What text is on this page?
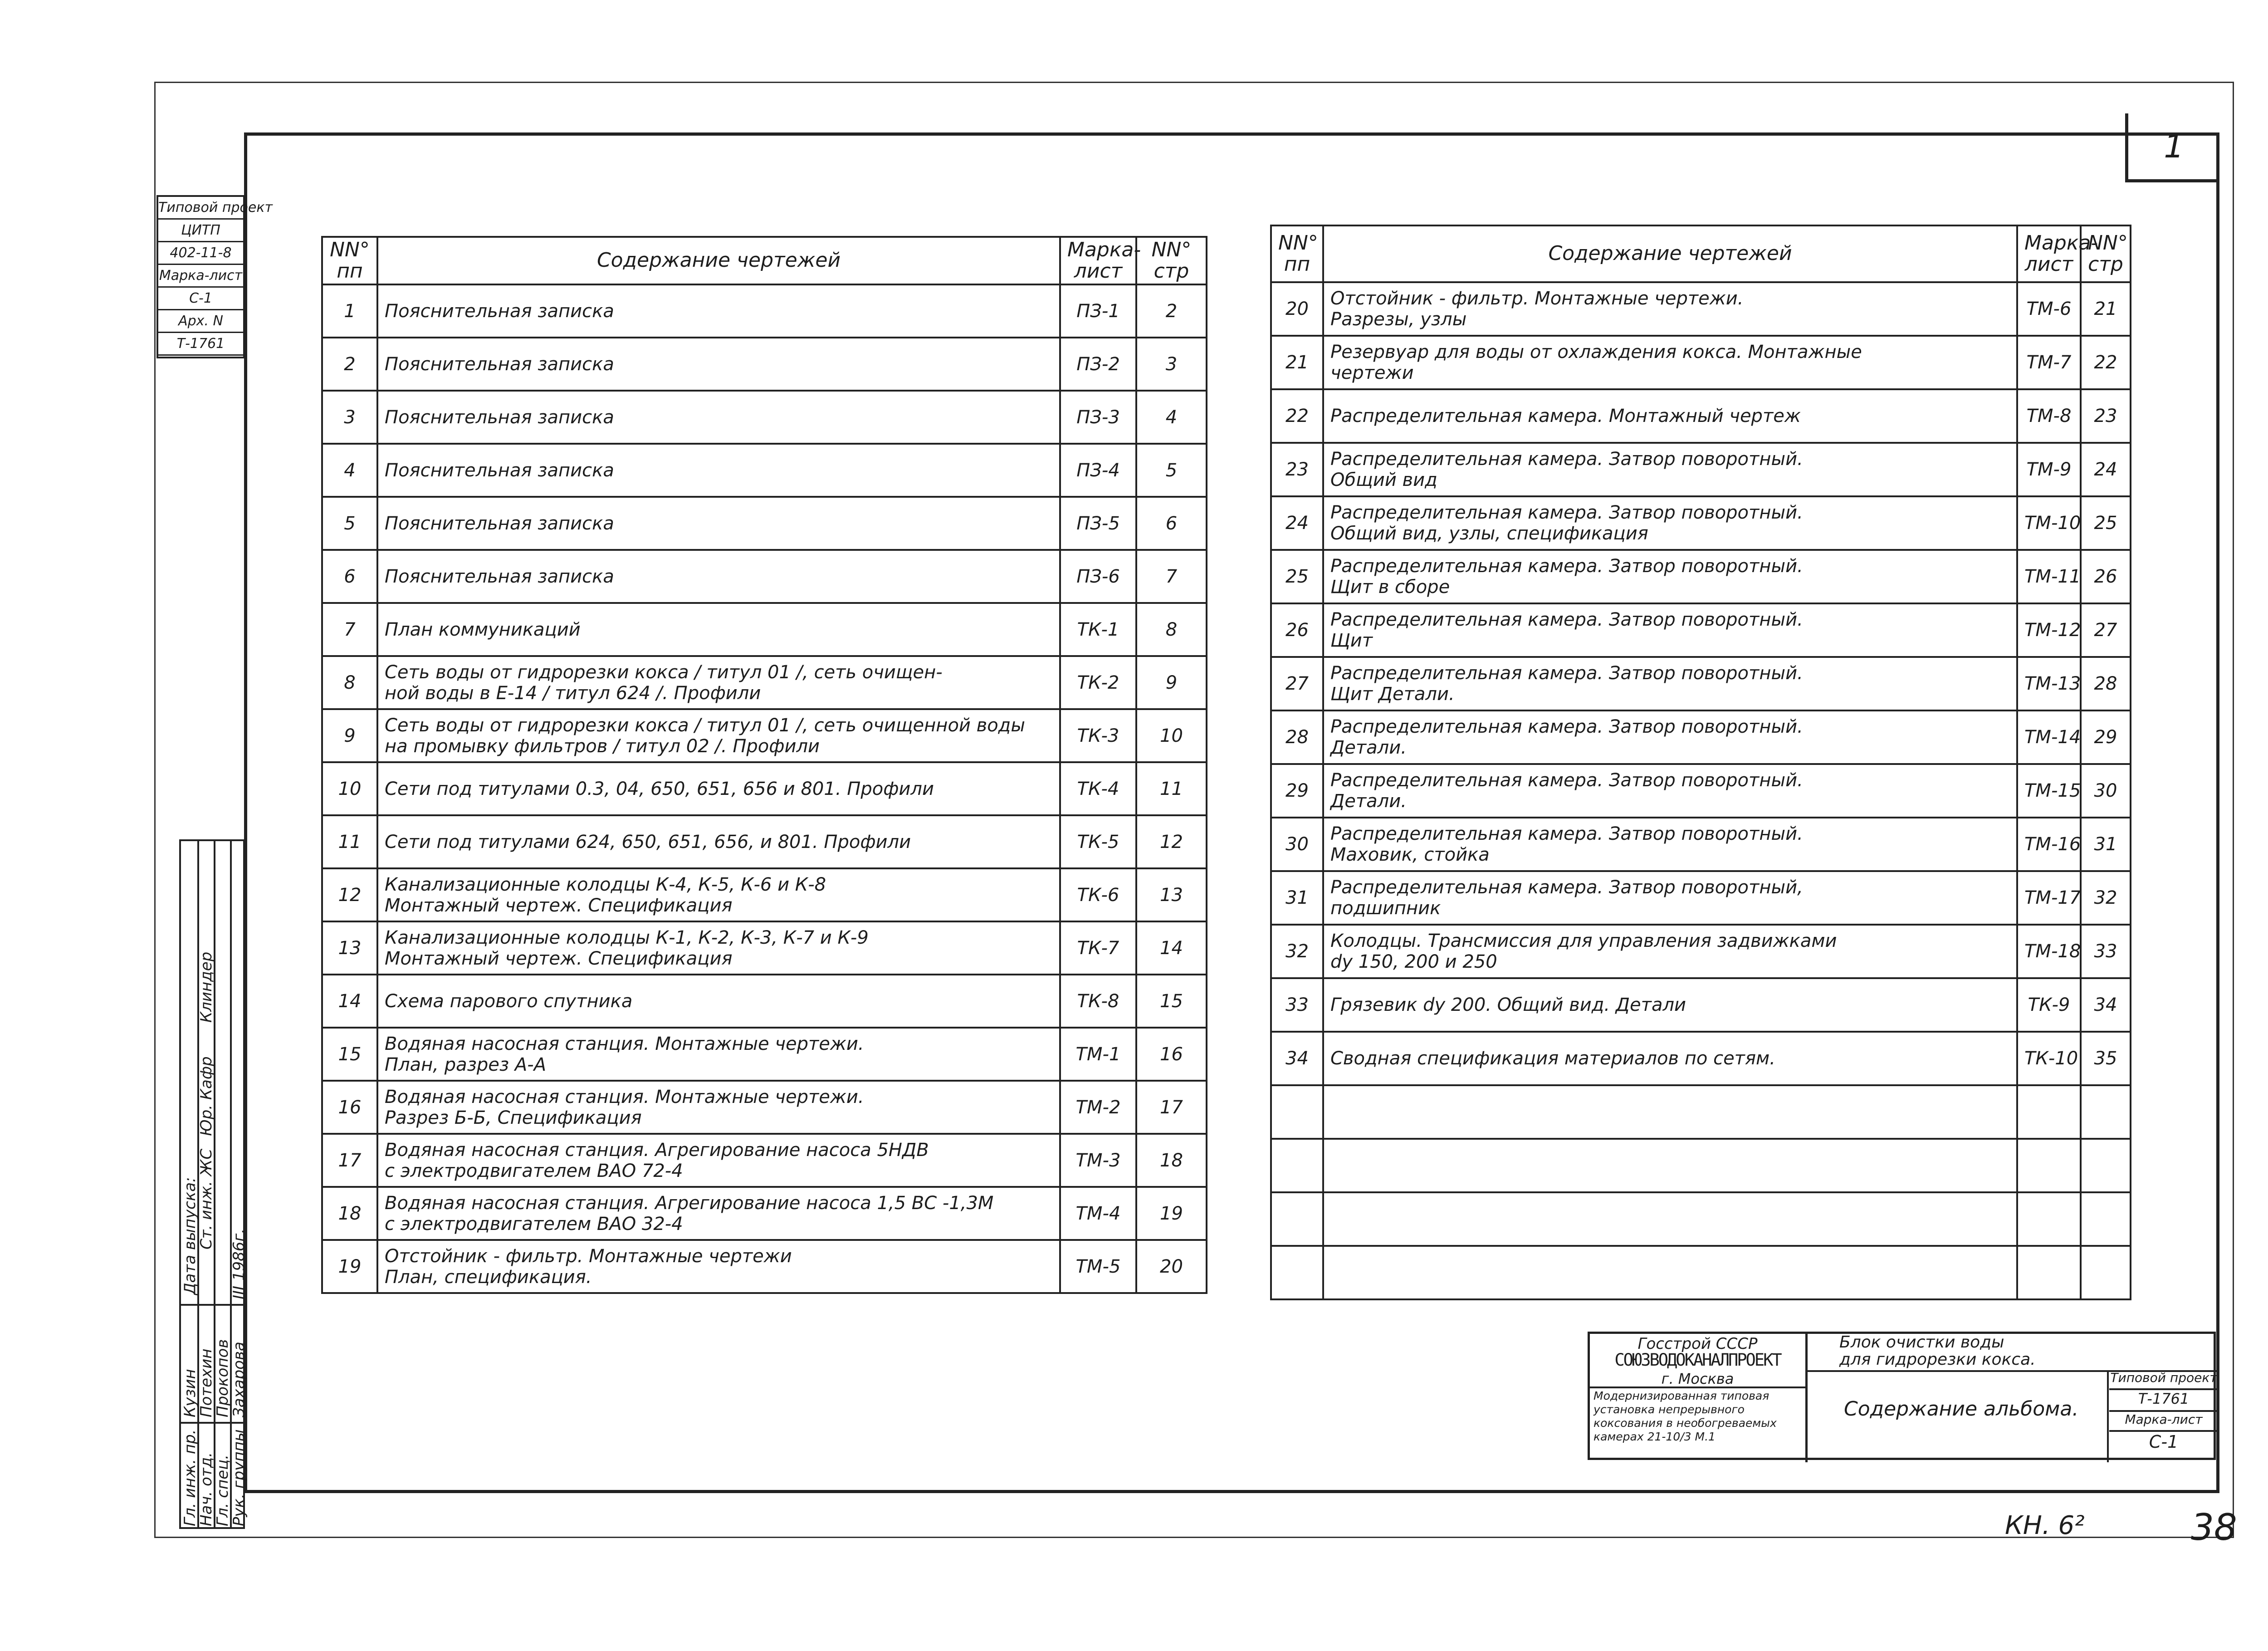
1
Типовой проект
ЦИТП
402-11-8
Марка-лист
С-1
Арх. N
Т-1761
Гл. инж. пр.
Нач. отд.
Гл. спец.
Рук. группы
Кузин
Потехин
Прокопов
Захарова
III 1986г.
Клиндер
Юр. Кафр
Ст. инж. ЖС
Дата выпуска:
NN° пп	Содержание чертежей	Марка-лист	NN° стр
1	Пояснительная записка	ПЗ-1	2
2	Пояснительная записка	ПЗ-2	3
3	Пояснительная записка	ПЗ-3	4
4	Пояснительная записка	ПЗ-4	5
5	Пояснительная записка	ПЗ-5	6
6	Пояснительная записка	ПЗ-6	7
7	План коммуникаций	ТК-1	8
8	Сеть воды от гидрорезки кокса / титул 01 /, сеть очищен-
ной воды в Е-14 / титул 624 /. Профили	ТК-2	9
9	Сеть воды от гидрорезки кокса / титул 01 /, сеть очищенной воды
на промывку фильтров / титул 02 /. Профили	ТК-3	10
10	Сети под титулами 0.3, 04, 650, 651, 656 и 801. Профили	ТК-4	11
11	Сети под титулами 624, 650, 651, 656, и 801. Профили	ТК-5	12
12	Канализационные колодцы К-4, К-5, К-6 и К-8
Монтажный чертеж. Спецификация	ТК-6	13
13	Канализационные колодцы К-1, К-2, К-3, К-7 и К-9
Монтажный чертеж. Спецификация	ТК-7	14
14	Схема парового спутника	ТК-8	15
15	Водяная насосная станция. Монтажные чертежи.
План, разрез А-А	ТМ-1	16
16	Водяная насосная станция. Монтажные чертежи.
Разрез Б-Б, Спецификация	ТМ-2	17
17	Водяная насосная станция. Агрегирование насоса 5НДВ
с электродвигателем ВАО 72-4	ТМ-3	18
18	Водяная насосная станция. Агрегирование насоса 1,5 ВС -1,3М
с электродвигателем ВАО 32-4	ТМ-4	19
19	Отстойник - фильтр. Монтажные чертежи
План, спецификация.	ТМ-5	20
NN° пп	Содержание чертежей	Марка-лист	NN° стр
20	Отстойник - фильтр. Монтажные чертежи.
Разрезы, узлы	ТМ-6	21
21	Резервуар для воды от охлаждения кокса. Монтажные
чертежи	ТМ-7	22
22	Распределительная камера. Монтажный чертеж	ТМ-8	23
23	Распределительная камера. Затвор поворотный.
Общий вид	ТМ-9	24
24	Распределительная камера. Затвор поворотный.
Общий вид, узлы, спецификация	ТМ-10	25
25	Распределительная камера. Затвор поворотный.
Щит в сборе	ТМ-11	26
26	Распределительная камера. Затвор поворотный.
Щит	ТМ-12	27
27	Распределительная камера. Затвор поворотный.
Щит Детали.	ТМ-13	28
28	Распределительная камера. Затвор поворотный.
Детали.	ТМ-14	29
29	Распределительная камера. Затвор поворотный.
Детали.	ТМ-15	30
30	Распределительная камера. Затвор поворотный.
Маховик, стойка	ТМ-16	31
31	Распределительная камера. Затвор поворотный,
подшипник	ТМ-17	32
32	Колодцы. Трансмиссия для управления задвижками
dy 150, 200 и 250	ТМ-18	33
33	Грязевик dy 200. Общий вид. Детали	ТК-9	34
34	Сводная спецификация материалов по сетям.	ТК-10	35

Госстрой СССР
СОЮЗВОДОКАНАЛПРОЕКТ
г. Москва
Модернизированная типовая установка непрерывного коксования в необогреваемых камерах 21-10/3 М.1
Блок очистки воды
для гидрорезки кокса.
Содержание альбома.
Типовой проект
Т-1761
Марка-лист
С-1
КН. 6²	38
